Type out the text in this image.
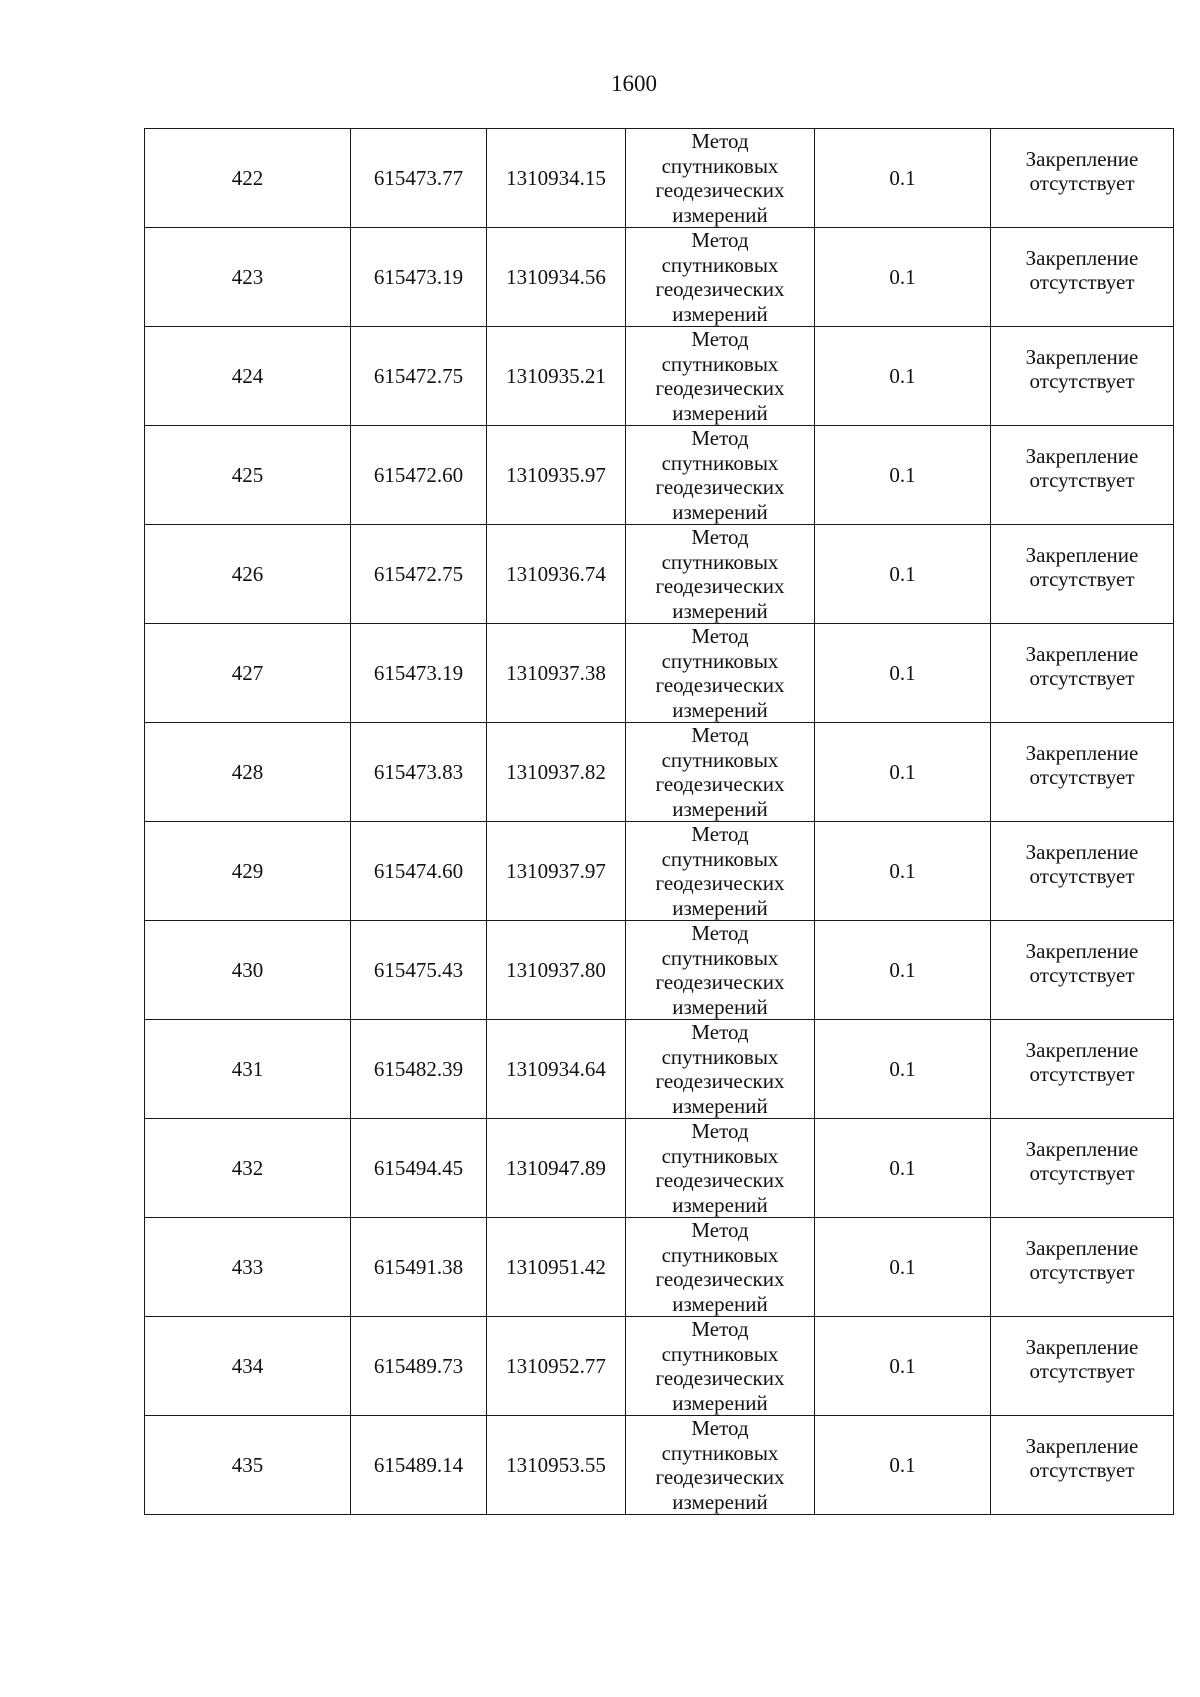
1600
422	615473.77	1310934.15	Метод
спутниковых
геодезических
измерений	0.1	Закрепление
отсутствует

423	615473.19	1310934.56	Метод
спутниковых
геодезических
измерений	0.1	Закрепление
отсутствует

424	615472.75	1310935.21	Метод
спутниковых
геодезических
измерений	0.1	Закрепление
отсутствует

425	615472.60	1310935.97	Метод
спутниковых
геодезических
измерений	0.1	Закрепление
отсутствует

426	615472.75	1310936.74	Метод
спутниковых
геодезических
измерений	0.1	Закрепление
отсутствует

427	615473.19	1310937.38	Метод
спутниковых
геодезических
измерений	0.1	Закрепление
отсутствует

428	615473.83	1310937.82	Метод
спутниковых
геодезических
измерений	0.1	Закрепление
отсутствует

429	615474.60	1310937.97	Метод
спутниковых
геодезических
измерений	0.1	Закрепление
отсутствует

430	615475.43	1310937.80	Метод
спутниковых
геодезических
измерений	0.1	Закрепление
отсутствует

431	615482.39	1310934.64	Метод
спутниковых
геодезических
измерений	0.1	Закрепление
отсутствует

432	615494.45	1310947.89	Метод
спутниковых
геодезических
измерений	0.1	Закрепление
отсутствует

433	615491.38	1310951.42	Метод
спутниковых
геодезических
измерений	0.1	Закрепление
отсутствует

434	615489.73	1310952.77	Метод
спутниковых
геодезических
измерений	0.1	Закрепление
отсутствует

435	615489.14	1310953.55	Метод
спутниковых
геодезических
измерений	0.1	Закрепление
отсутствует
